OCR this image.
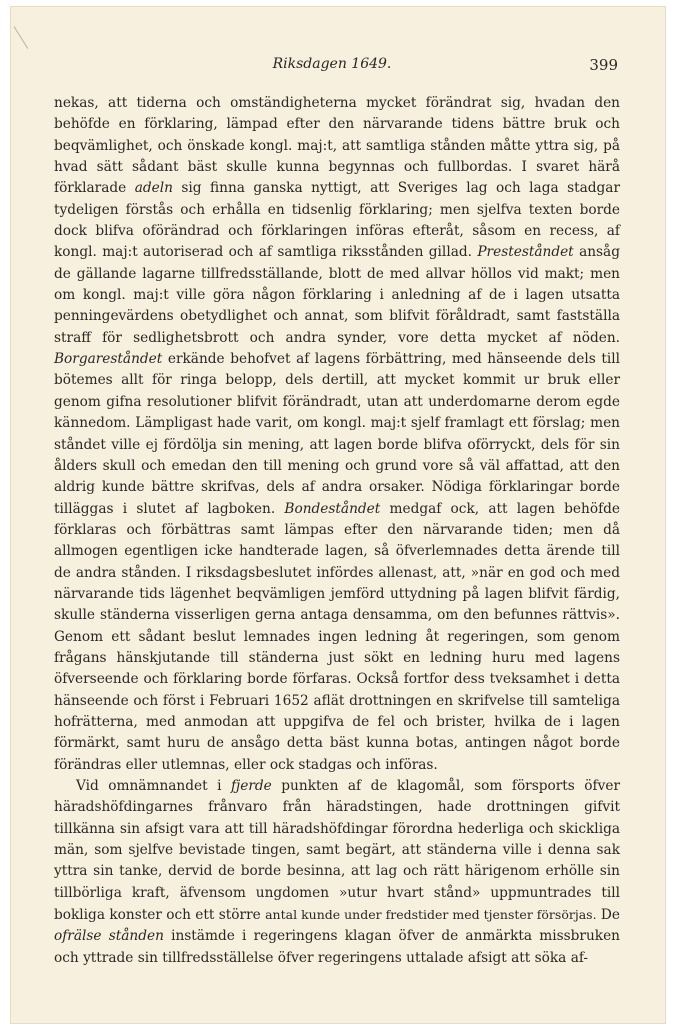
Riksdagen 1649.	399

nekas, att tiderna och omständigheterna mycket förändrat sig, hvadan den behöfde en förklaring, lämpad efter den närvarande tidens bättre bruk och beqvämlighet, och önskade kongl. maj:t, att samtliga stånden måtte yttra sig, på hvad sätt sådant bäst skulle kunna begynnas och fullbordas. I svaret härå förklarade adeln sig finna ganska nyttigt, att Sveriges lag och laga stadgar tydeligen förstås och erhålla en tidsenlig förklaring; men sjelfva texten borde dock blifva oförändrad och förklaringen införas efteråt, såsom en recess, af kongl. maj:t autoriserad och af samtliga riksstånden gillad. Presteståndet ansåg de gällande lagarne tillfredsställande, blott de med allvar höllos vid makt; men om kongl. maj:t ville göra någon förklaring i anledning af de i lagen utsatta penningevärdens obetydlighet och annat, som blifvit föråldradt, samt fastställa straff för sedlighetsbrott och andra synder, vore detta mycket af nöden. Borgareståndet erkände behofvet af lagens förbättring, med hänseende dels till bötemes allt för ringa belopp, dels dertill, att mycket kommit ur bruk eller genom gifna resolutioner blifvit förändradt, utan att underdomarne derom egde kännedom. Lämpligast hade varit, om kongl. maj:t sjelf framlagt ett förslag; men ståndet ville ej fördölja sin mening, att lagen borde blifva oförryckt, dels för sin ålders skull och emedan den till mening och grund vore så väl affattad, att den aldrig kunde bättre skrifvas, dels af andra orsaker. Nödiga förklaringar borde tilläggas i slutet af lagboken. Bondeståndet medgaf ock, att lagen behöfde förklaras och förbättras samt lämpas efter den närvarande tiden; men då allmogen egentligen icke handterade lagen, så öfverlemnades detta ärende till de andra stånden. I riksdagsbeslutet infördes allenast, att, »när en god och med närvarande tids lägenhet beqvämligen jemförd uttydning på lagen blifvit färdig, skulle ständerna visserligen gerna antaga densamma, om den befunnes rättvis». Genom ett sådant beslut lemnades ingen ledning åt regeringen, som genom frågans hänskjutande till ständerna just sökt en ledning huru med lagens öfverseende och förklaring borde förfaras. Också fortfor dess tveksamhet i detta hänseende och först i Februari 1652 aflät drottningen en skrifvelse till samteliga hofrätterna, med anmodan att uppgifva de fel och brister, hvilka de i lagen förmärkt, samt huru de ansågo detta bäst kunna botas, antingen något borde förändras eller utlemnas, eller ock stadgas och införas.

Vid omnämnandet i fjerde punkten af de klagomål, som försports öfver häradshöfdingarnes frånvaro från häradstingen, hade drottningen gifvit tillkänna sin afsigt vara att till häradshöfdingar förordna hederliga och skickliga män, som sjelfve bevistade tingen, samt begärt, att ständerna ville i denna sak yttra sin tanke, dervid de borde besinna, att lag och rätt härigenom erhölle sin tillbörliga kraft, äfvensom ungdomen »utur hvart stånd» uppmuntrades till bokliga konster och ett större antal kunde under fredstider med tjenster försörjas. De ofrälse stånden instämde i regeringens klagan öfver de anmärkta missbruken och yttrade sin tillfredsställelse öfver regeringens uttalade afsigt att söka af-
